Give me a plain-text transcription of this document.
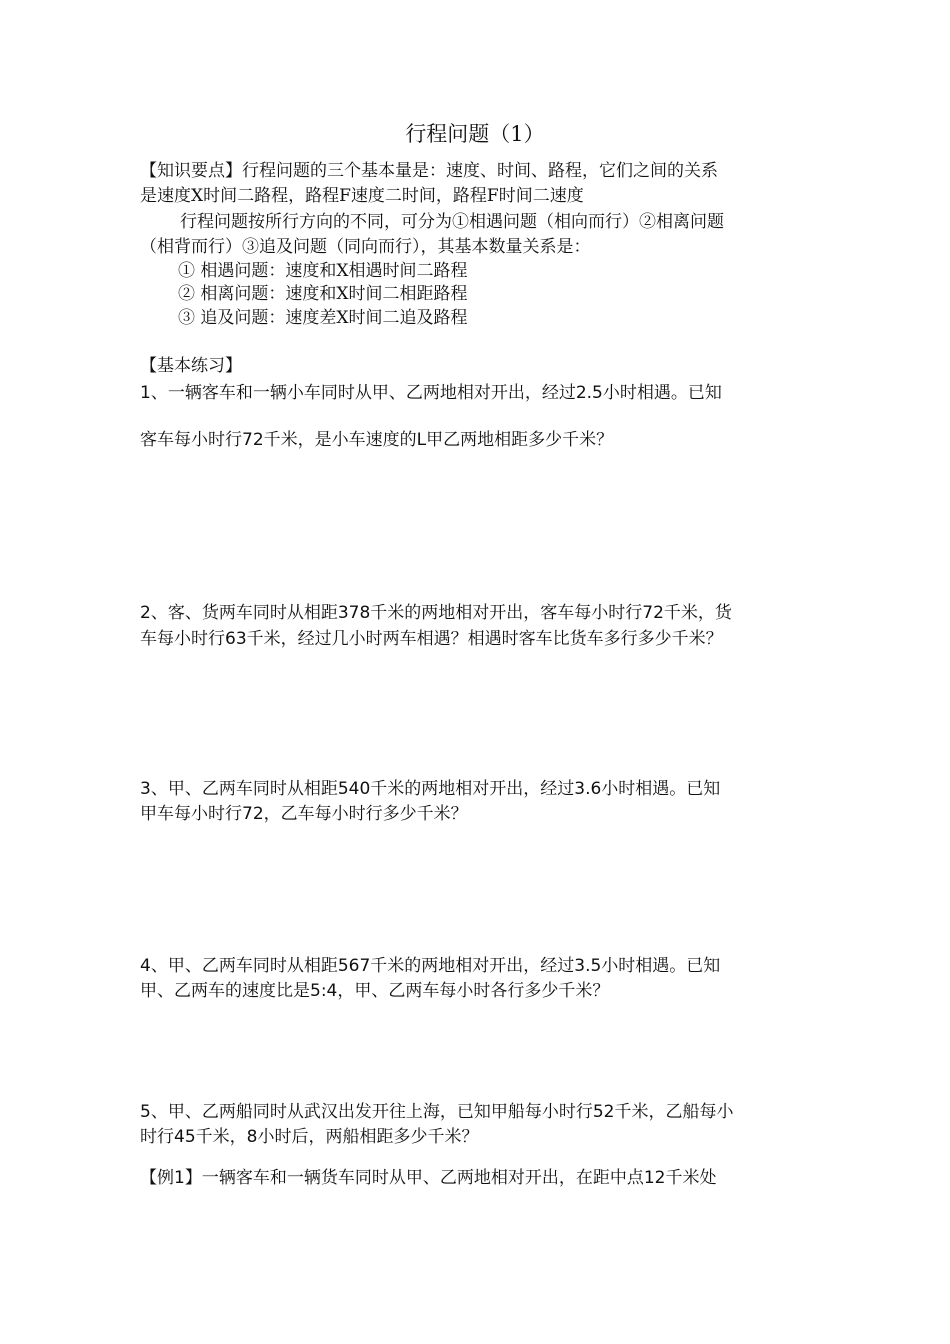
行程问题（1）
【知识要点】行程问题的三个基本量是：速度、时间、路程，它们之间的关系
是速度X时间二路程，路程F速度二时间，路程F时间二速度
行程问题按所行方向的不同，可分为①相遇问题（相向而行）②相离问题
（相背而行）③追及问题（同向而行），其基本数量关系是：
① 相遇问题：速度和X相遇时间二路程
② 相离问题：速度和X时间二相距路程
③ 追及问题：速度差X时间二追及路程
【基本练习】
1、一辆客车和一辆小车同时从甲、乙两地相对开出，经过2.5小时相遇。已知
客车每小时行72千米，是小车速度的L甲乙两地相距多少千米？
2、客、货两车同时从相距378千米的两地相对开出，客车每小时行72千米，货
车每小时行63千米，经过几小时两车相遇？相遇时客车比货车多行多少千米？
3、甲、乙两车同时从相距540千米的两地相对开出，经过3.6小时相遇。已知
甲车每小时行72，乙车每小时行多少千米？
4、甲、乙两车同时从相距567千米的两地相对开出，经过3.5小时相遇。已知
甲、乙两车的速度比是5:4，甲、乙两车每小时各行多少千米？
5、甲、乙两船同时从武汉出发开往上海，已知甲船每小时行52千米，乙船每小
时行45千米，8小时后，两船相距多少千米？
【例1】一辆客车和一辆货车同时从甲、乙两地相对开出，在距中点12千米处
